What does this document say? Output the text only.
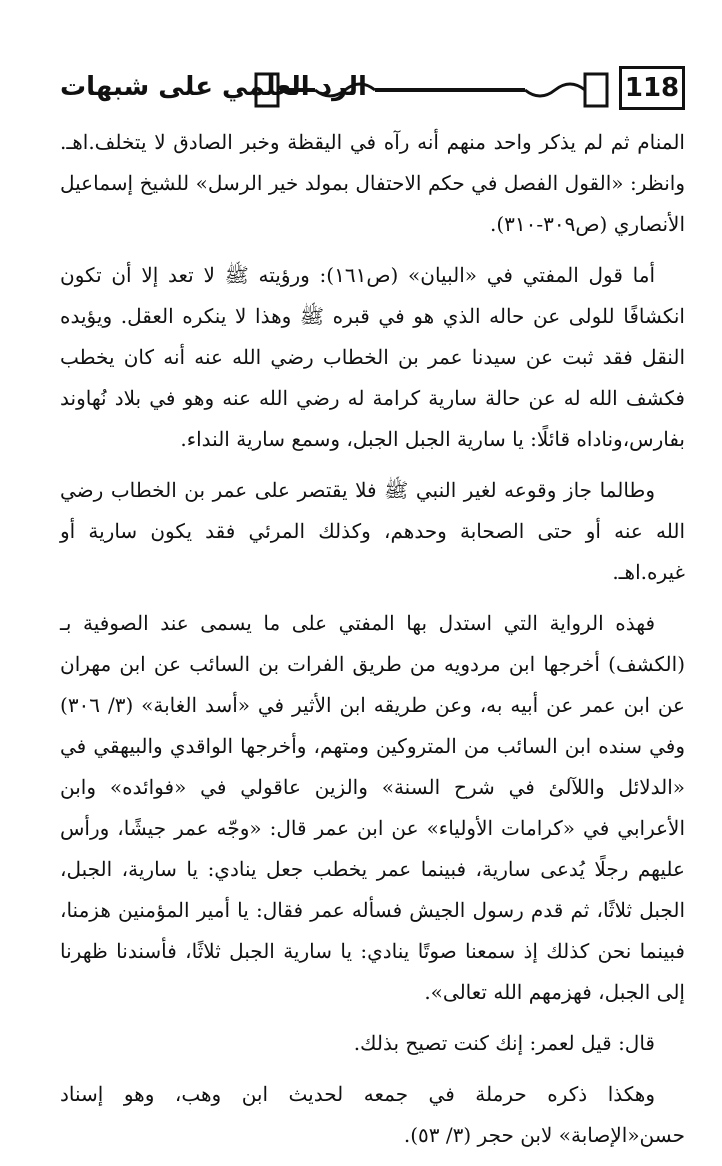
118
الرد العلمي على شبهات

المنام ثم لم يذكر واحد منهم أنه رآه في اليقظة وخبر الصادق لا يتخلف.اهـ. وانظر: «القول الفصل في حكم الاحتفال بمولد خير الرسل» للشيخ إسماعيل الأنصاري (ص٣٠٩-٣١٠).

أما قول المفتي في «البيان» (ص١٦١): ورؤيته ﷺ لا تعد إلا أن تكون انكشافًا للولى عن حاله الذي هو في قبره ﷺ وهذا لا ينكره العقل. ويؤيده النقل فقد ثبت عن سيدنا عمر بن الخطاب رضي الله عنه أنه كان يخطب فكشف الله له عن حالة سارية كرامة له رضي الله عنه وهو في بلاد نُهاوند بفارس،وناداه قائلًا: يا سارية الجبل الجبل، وسمع سارية النداء.

وطالما جاز وقوعه لغير النبي ﷺ فلا يقتصر على عمر بن الخطاب رضي الله عنه أو حتى الصحابة وحدهم، وكذلك المرئي فقد يكون سارية أو غيره.اهـ.

فهذه الرواية التي استدل بها المفتي على ما يسمى عند الصوفية بـ (الكشف) أخرجها ابن مردويه من طريق الفرات بن السائب عن ابن مهران عن ابن عمر عن أبيه به، وعن طريقه ابن الأثير في «أسد الغابة» (٣/ ٣٠٦) وفي سنده ابن السائب من المتروكين ومتهم، وأخرجها الواقدي والبيهقي في «الدلائل واللآلئ في شرح السنة» والزين عاقولي في «فوائده» وابن الأعرابي في «كرامات الأولياء» عن ابن عمر قال: «وجّه عمر جيشًا، ورأس عليهم رجلًا يُدعى سارية، فبينما عمر يخطب جعل ينادي: يا سارية، الجبل، الجبل ثلاثًا، ثم قدم رسول الجيش فسأله عمر فقال: يا أمير المؤمنين هزمنا، فبينما نحن كذلك إذ سمعنا صوتًا ينادي: يا سارية الجبل ثلاثًا، فأسندنا ظهرنا إلى الجبل، فهزمهم الله تعالى».

قال: قيل لعمر: إنك كنت تصيح بذلك.

وهكذا ذكره حرملة في جمعه لحديث ابن وهب، وهو إسناد حسن«الإصابة» لابن حجر (٣/ ٥٣).
